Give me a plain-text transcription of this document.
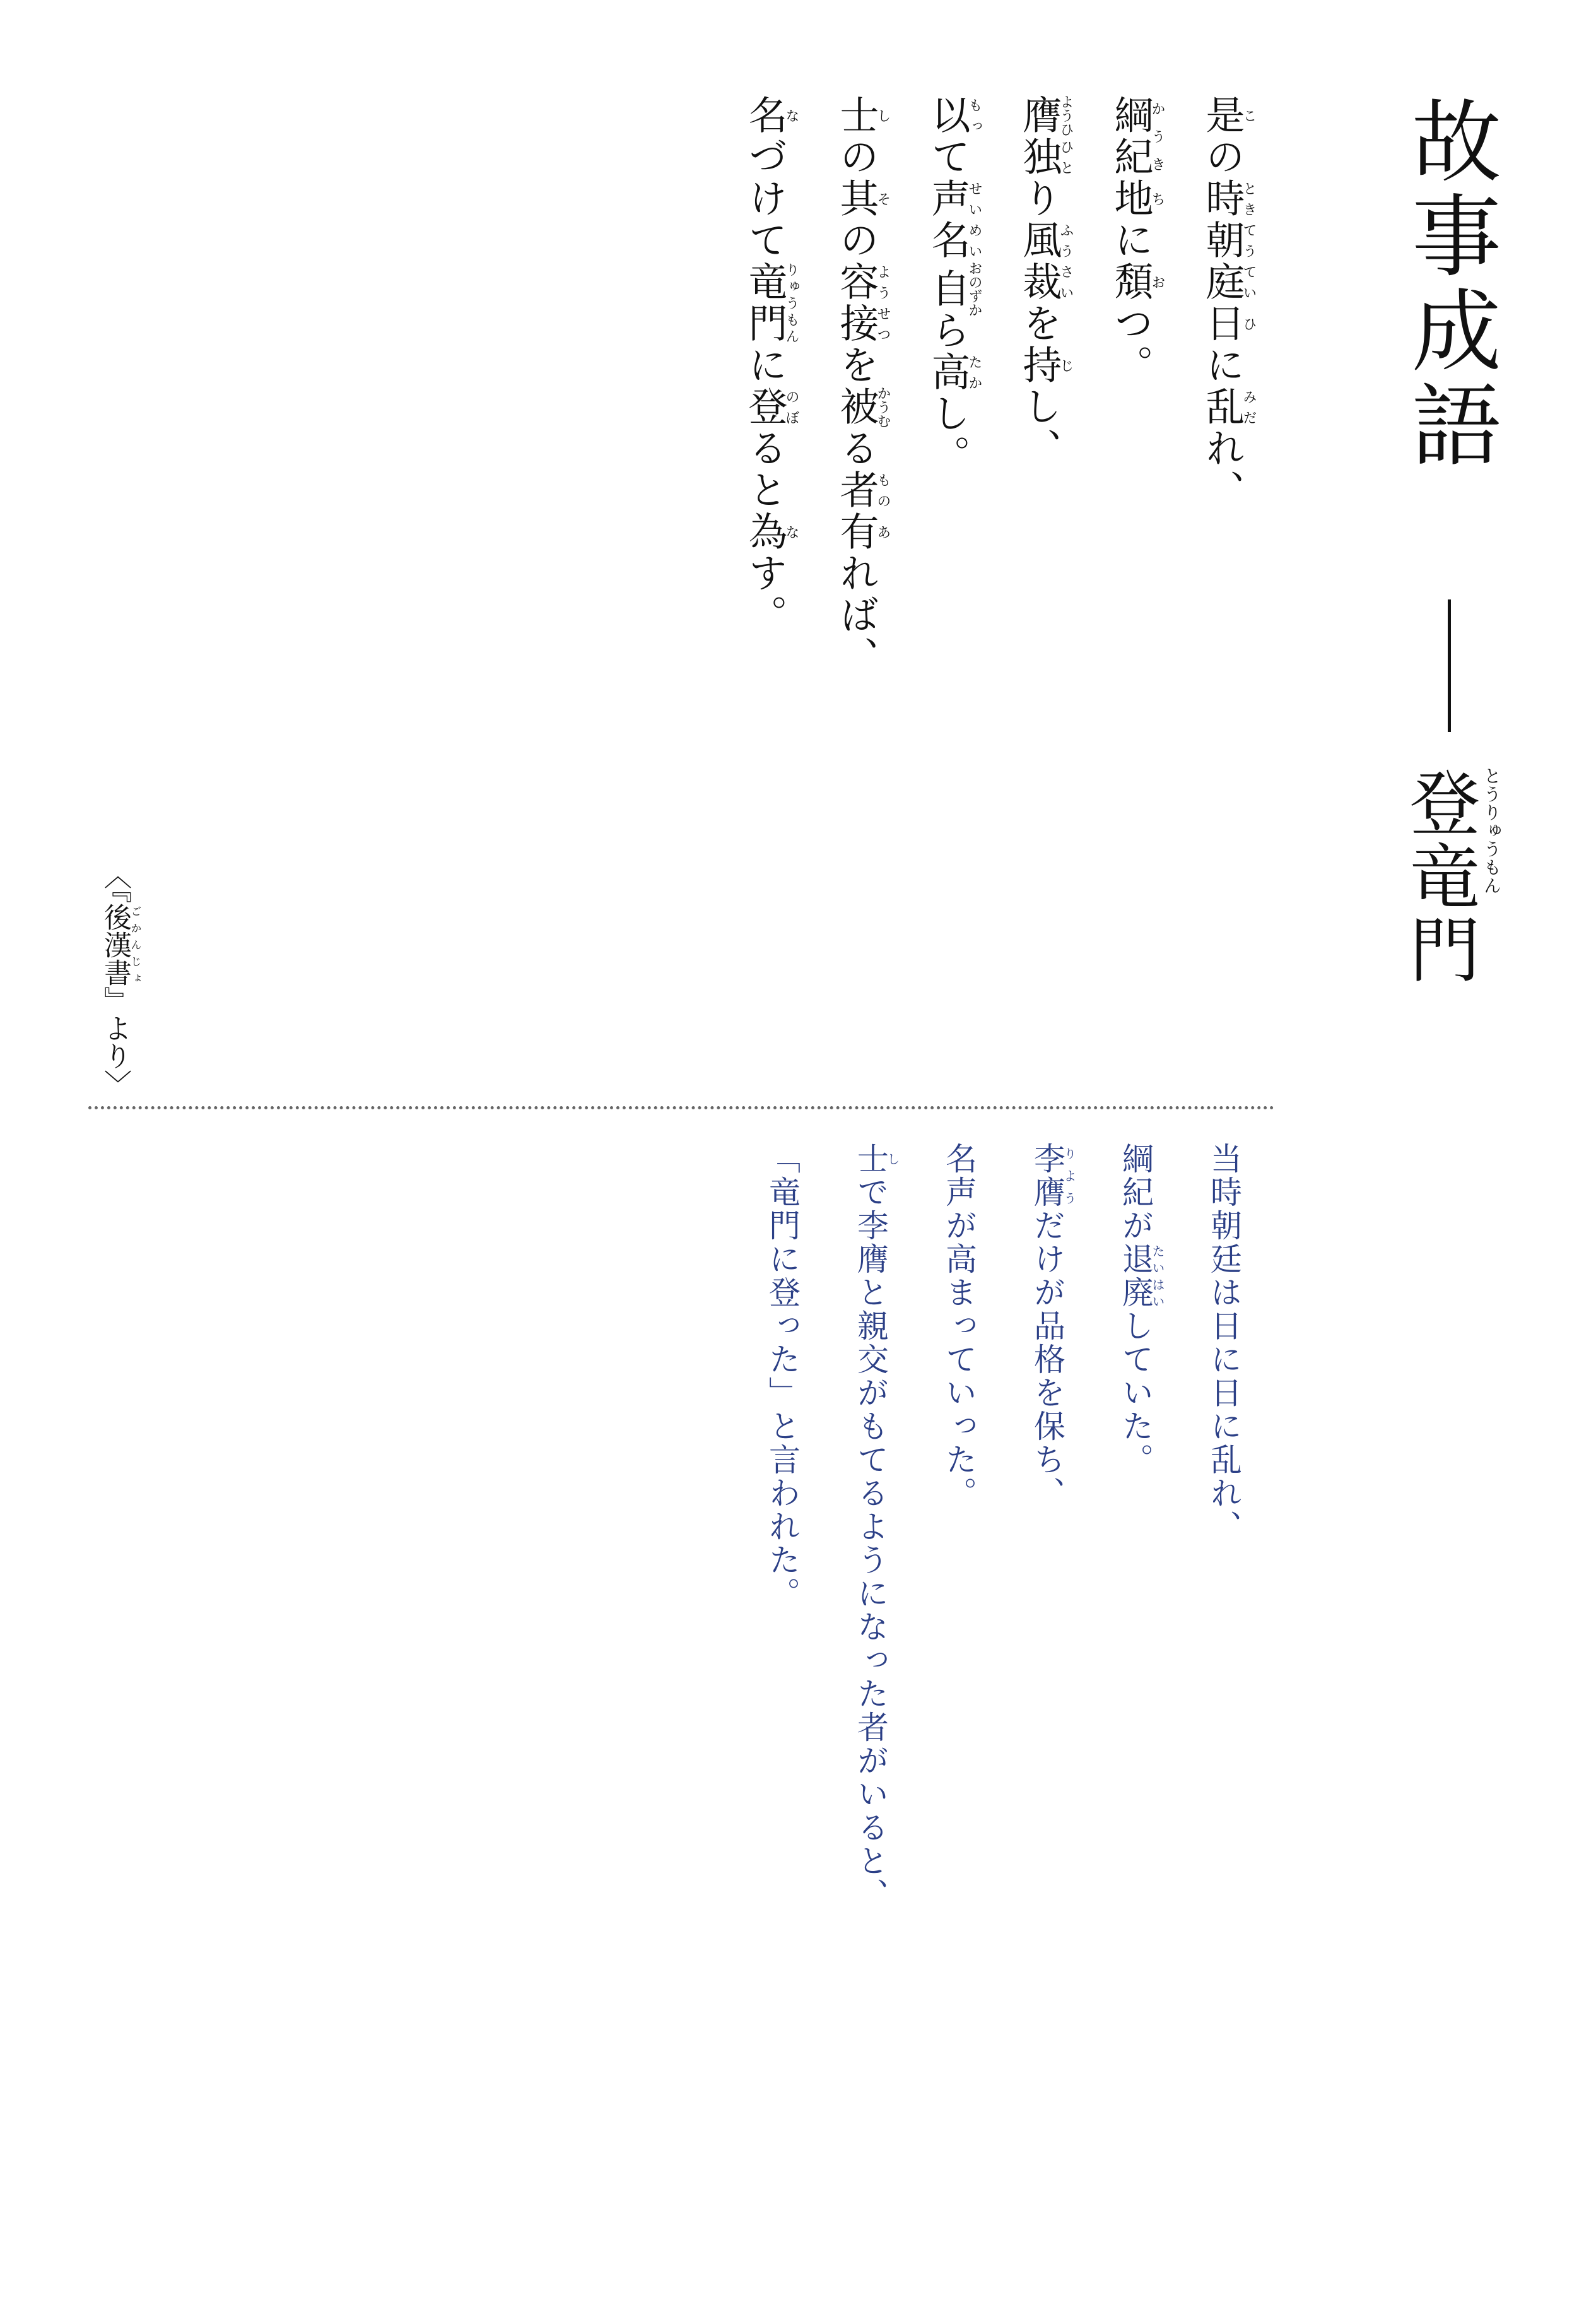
故事成語
登竜門 とうりゅうもん
是この時とき朝庭てうてい日ひに乱みだれ、
綱紀かうき地ちに頽おつ。
膺ようひ独ひとり風裁ふうさいを持じし、
以もって声名せいめい自おのずから高たかし。
士しの其その容接ようせつを被かうむる者もの有あれば、
名なづけて竜門りゅうもんに登のぼると為なす。
〈『後漢書ごかんじょ』より〉
当時朝廷は日に日に乱れ、
綱紀が退廃たいはいしていた。
李膺りようだけが品格を保ち、
名声が高まっていった。
士しで李膺と親交がもてるようになった者がいると、
「竜門に登った」と言われた。
